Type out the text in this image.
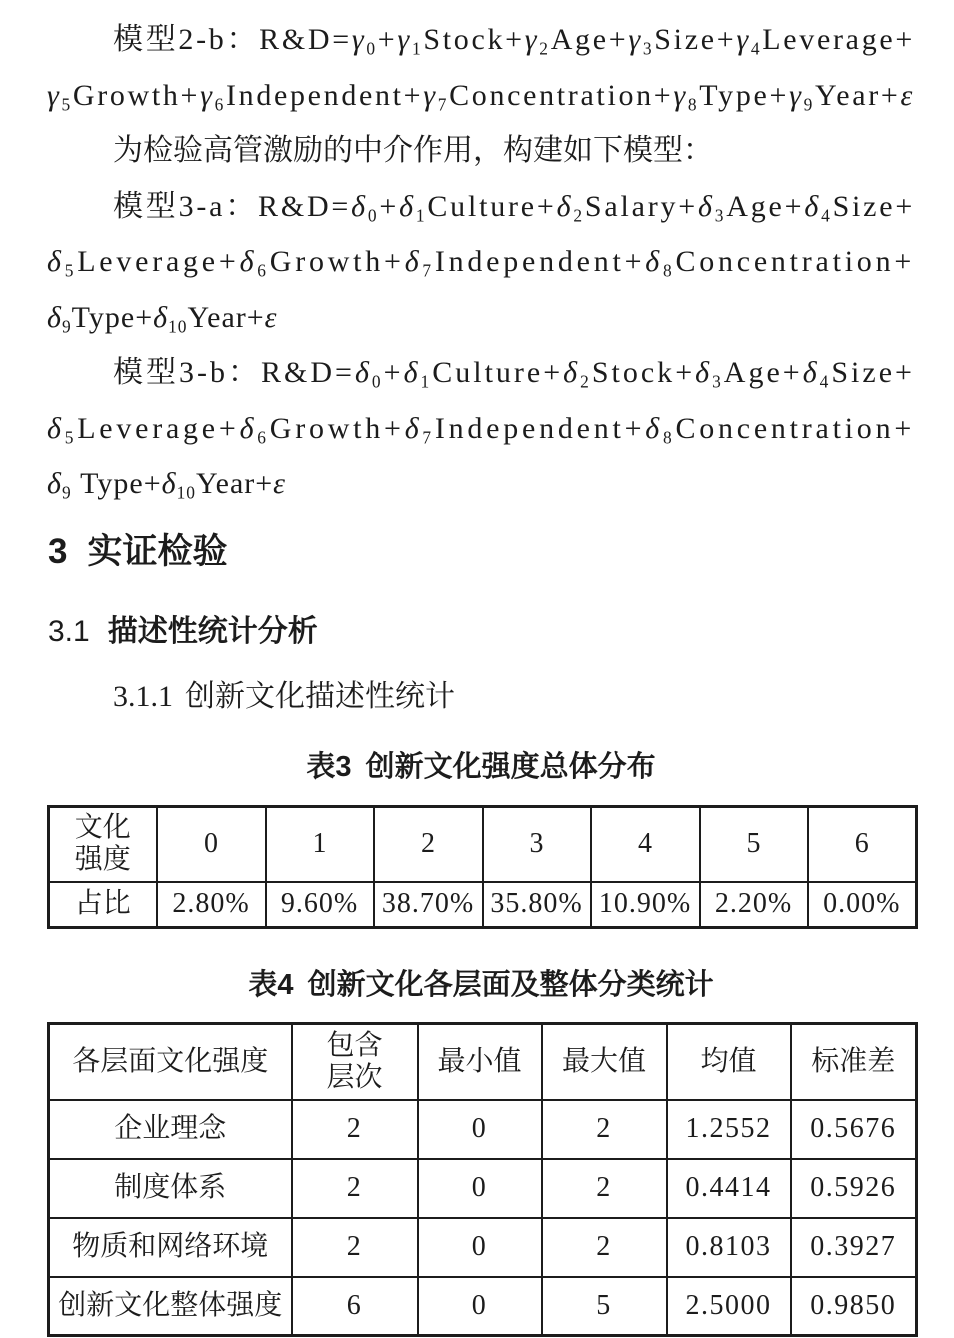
模型2-b：$R\&D=\gamma_0+\gamma_1Stock+\gamma_2Age+\gamma_3Size+\gamma_4Leverage+$
$\gamma_5Growth+\gamma_6Independent+\gamma_7Concentration+\gamma_8Type+\gamma_9Year+\varepsilon$
为检验高管激励的中介作用，构建如下模型：
模型3-a：$R\&D=\delta_0+\delta_1Culture+\delta_2Salary+\delta_3Age+\delta_4Size+$
$\delta_5Leverage+\delta_6Growth+\delta_7Independent+\delta_8Concentration+$
$\delta_9Type+\delta_{10}Year+\varepsilon$
模型3-b：$R\&D=\delta_0+\delta_1Culture+\delta_2Stock+\delta_3Age+\delta_4Size+$
$\delta_5Leverage+\delta_6Growth+\delta_7Independent+\delta_8Concentration+$
$\delta_9$ $Type+\delta_{10}Year+\varepsilon$
3 实证检验
3.1 描述性统计分析
3.1.1 创新文化描述性统计
表3 创新文化强度总体分布
文化
强度	0	1	2	3	4	5	6
占比	2.80%	9.60%	38.70%	35.80%	10.90%	2.20%	0.00%
表4 创新文化各层面及整体分类统计
各层面文化强度	包含
层次	最小值	最大值	均值	标准差
企业理念	2	0	2	1.2552	0.5676
制度体系	2	0	2	0.4414	0.5926
物质和网络环境	2	0	2	0.8103	0.3927
创新文化整体强度	6	0	5	2.5000	0.9850
